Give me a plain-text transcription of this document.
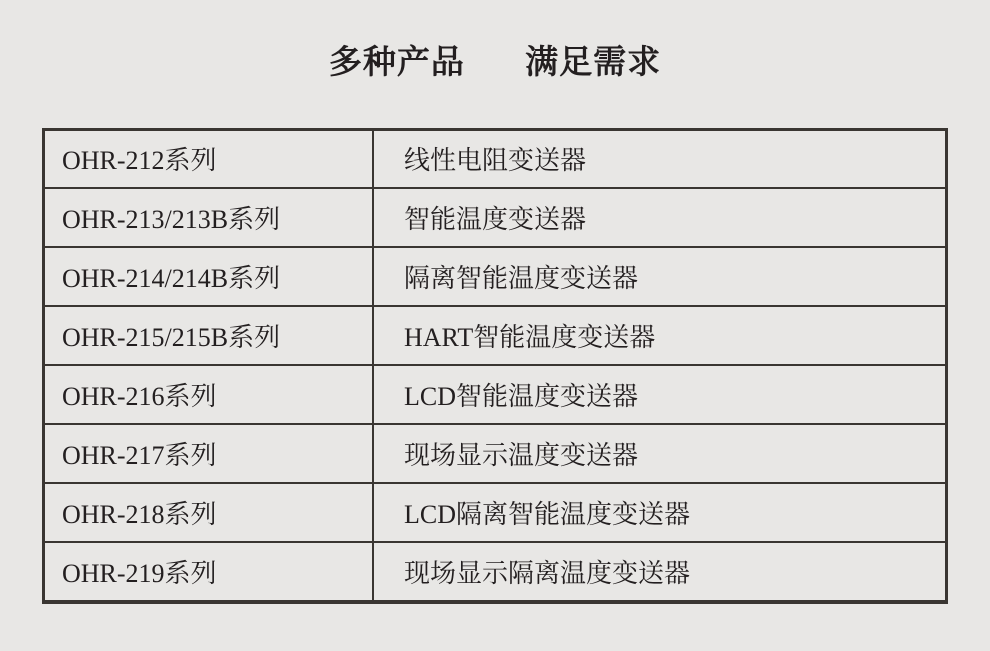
多种产品 满足需求
OHR-212系列	线性电阻变送器
OHR-213/213B系列	智能温度变送器
OHR-214/214B系列	隔离智能温度变送器
OHR-215/215B系列	HART智能温度变送器
OHR-216系列	LCD智能温度变送器
OHR-217系列	现场显示温度变送器
OHR-218系列	LCD隔离智能温度变送器
OHR-219系列	现场显示隔离温度变送器
